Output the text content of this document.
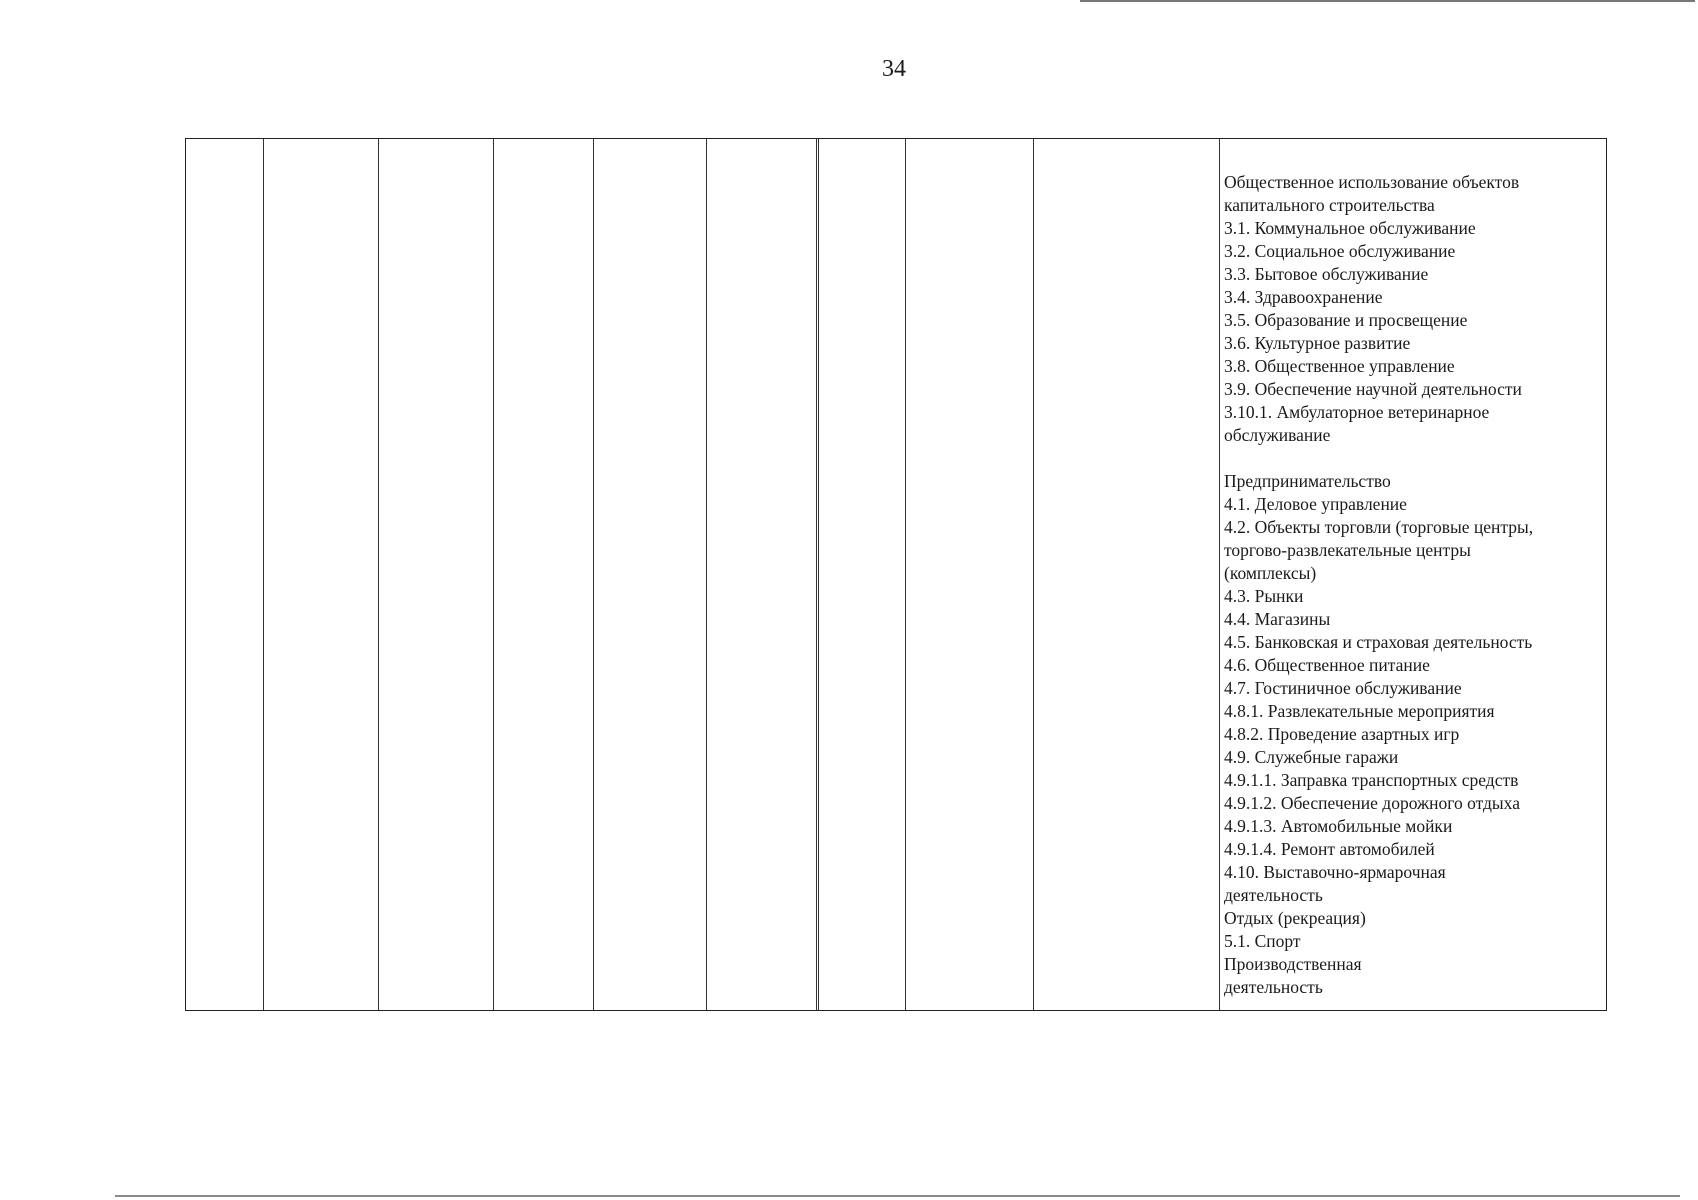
34
Общественное использование объектов
капитального строительства
3.1. Коммунальное обслуживание
3.2. Социальное обслуживание
3.3. Бытовое обслуживание
3.4. Здравоохранение
3.5. Образование и просвещение
3.6. Культурное развитие
3.8. Общественное управление
3.9. Обеспечение научной деятельности
3.10.1. Амбулаторное ветеринарное
обслуживание
Предпринимательство
4.1. Деловое управление
4.2. Объекты торговли (торговые центры,
торгово-развлекательные центры
(комплексы)
4.3. Рынки
4.4. Магазины
4.5. Банковская и страховая деятельность
4.6. Общественное питание
4.7. Гостиничное обслуживание
4.8.1. Развлекательные мероприятия
4.8.2. Проведение азартных игр
4.9. Служебные гаражи
4.9.1.1. Заправка транспортных средств
4.9.1.2. Обеспечение дорожного отдыха
4.9.1.3. Автомобильные мойки
4.9.1.4. Ремонт автомобилей
4.10. Выставочно-ярмарочная
деятельность
Отдых (рекреация)
5.1. Спорт
Производственная
деятельность
